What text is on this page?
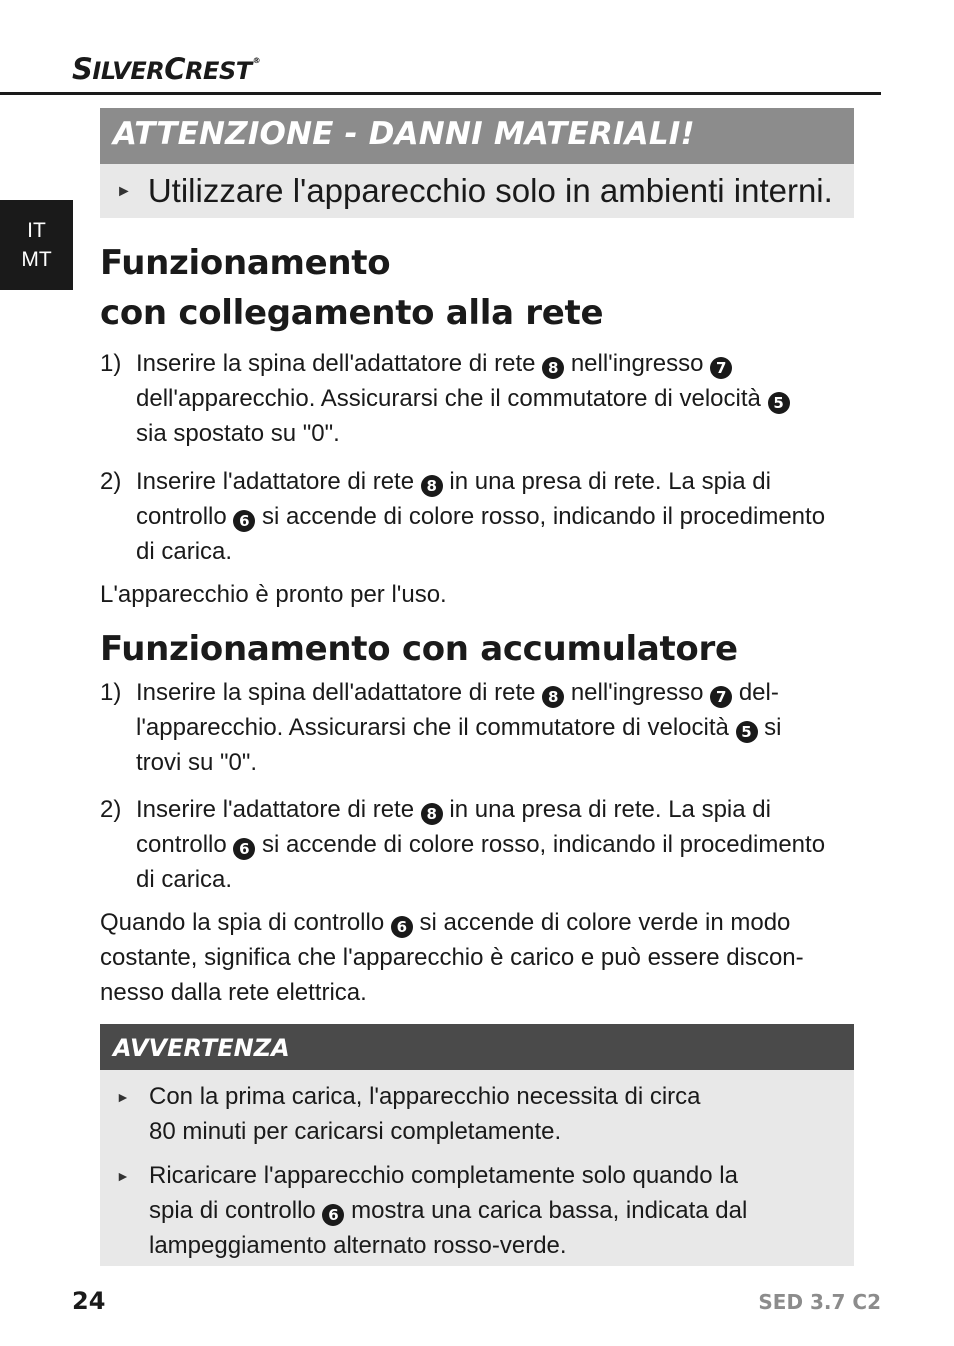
SILVERCREST®
IT
MT
ATTENZIONE - DANNI MATERIALI!
► Utilizzare l'apparecchio solo in ambienti interni.
Funzionamento
con collegamento alla rete
1) Inserire la spina dell'adattatore di rete 8 nell'ingresso 7
dell'apparecchio. Assicurarsi che il commutatore di velocità 5
sia spostato su "0".
2) Inserire l'adattatore di rete 8 in una presa di rete. La spia di
controllo 6 si accende di colore rosso, indicando il procedimento
di carica.
L'apparecchio è pronto per l'uso.
Funzionamento con accumulatore
1) Inserire la spina dell'adattatore di rete 8 nell'ingresso 7 del-
l'apparecchio. Assicurarsi che il commutatore di velocità 5 si
trovi su "0".
2) Inserire l'adattatore di rete 8 in una presa di rete. La spia di
controllo 6 si accende di colore rosso, indicando il procedimento
di carica.
Quando la spia di controllo 6 si accende di colore verde in modo
costante, significa che l'apparecchio è carico e può essere discon-
nesso dalla rete elettrica.
AVVERTENZA
► Con la prima carica, l'apparecchio necessita di circa
80 minuti per caricarsi completamente.
► Ricaricare l'apparecchio completamente solo quando la
spia di controllo 6 mostra una carica bassa, indicata dal
lampeggiamento alternato rosso-verde.
24	SED 3.7 C2
